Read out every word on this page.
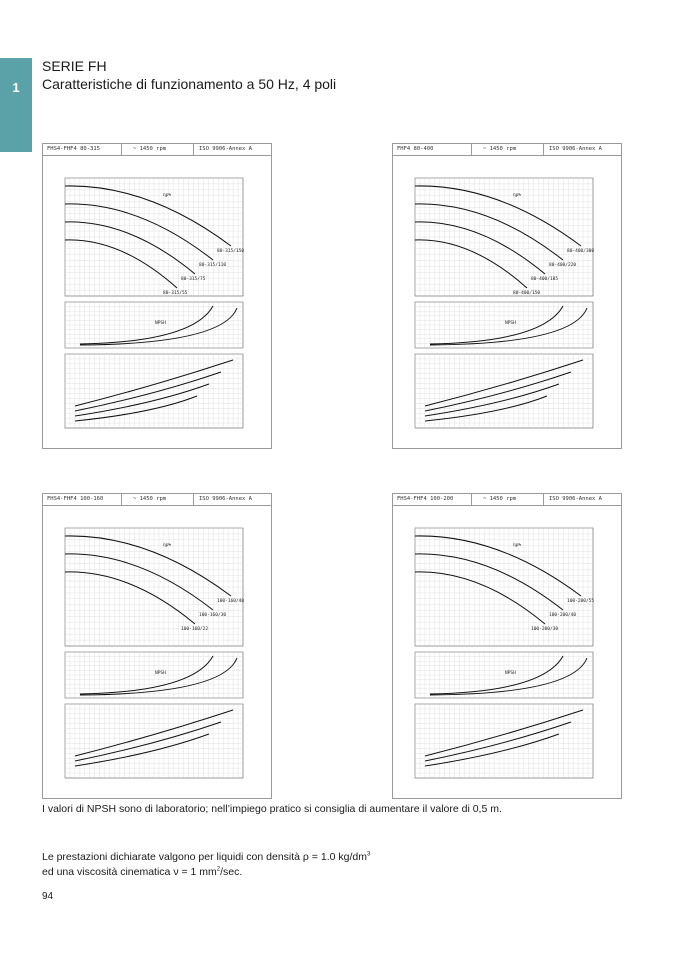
1
SERIE FH
Caratteristiche di funzionamento a 50 Hz, 4 poli
FHS4-FHF4 80-315	~ 1450 rpm	ISO 9906-Annex A
80-315/150
80-315/110
80-315/75
80-315/55
ηp%
NPSH
FHF4 80-400	~ 1450 rpm	ISO 9906-Annex A
80-400/300
80-400/220
80-400/185
80-400/150
ηp%
NPSH
FHS4-FHF4 100-160	~ 1450 rpm	ISO 9906-Annex A
100-160/40
100-160/30
100-160/22
ηp%
NPSH
FHS4-FHF4 100-200	~ 1450 rpm	ISO 9906-Annex A
100-200/55
100-200/40
100-200/30
ηp%
NPSH
I valori di NPSH sono di laboratorio; nell’impiego pratico si consiglia di aumentare il valore di 0,5 m.
Le prestazioni dichiarate valgono per liquidi con densità ρ = 1.0 $kg/dm^3$
ed una viscosità cinematica ν = 1 $mm^2/\sec$.
94
